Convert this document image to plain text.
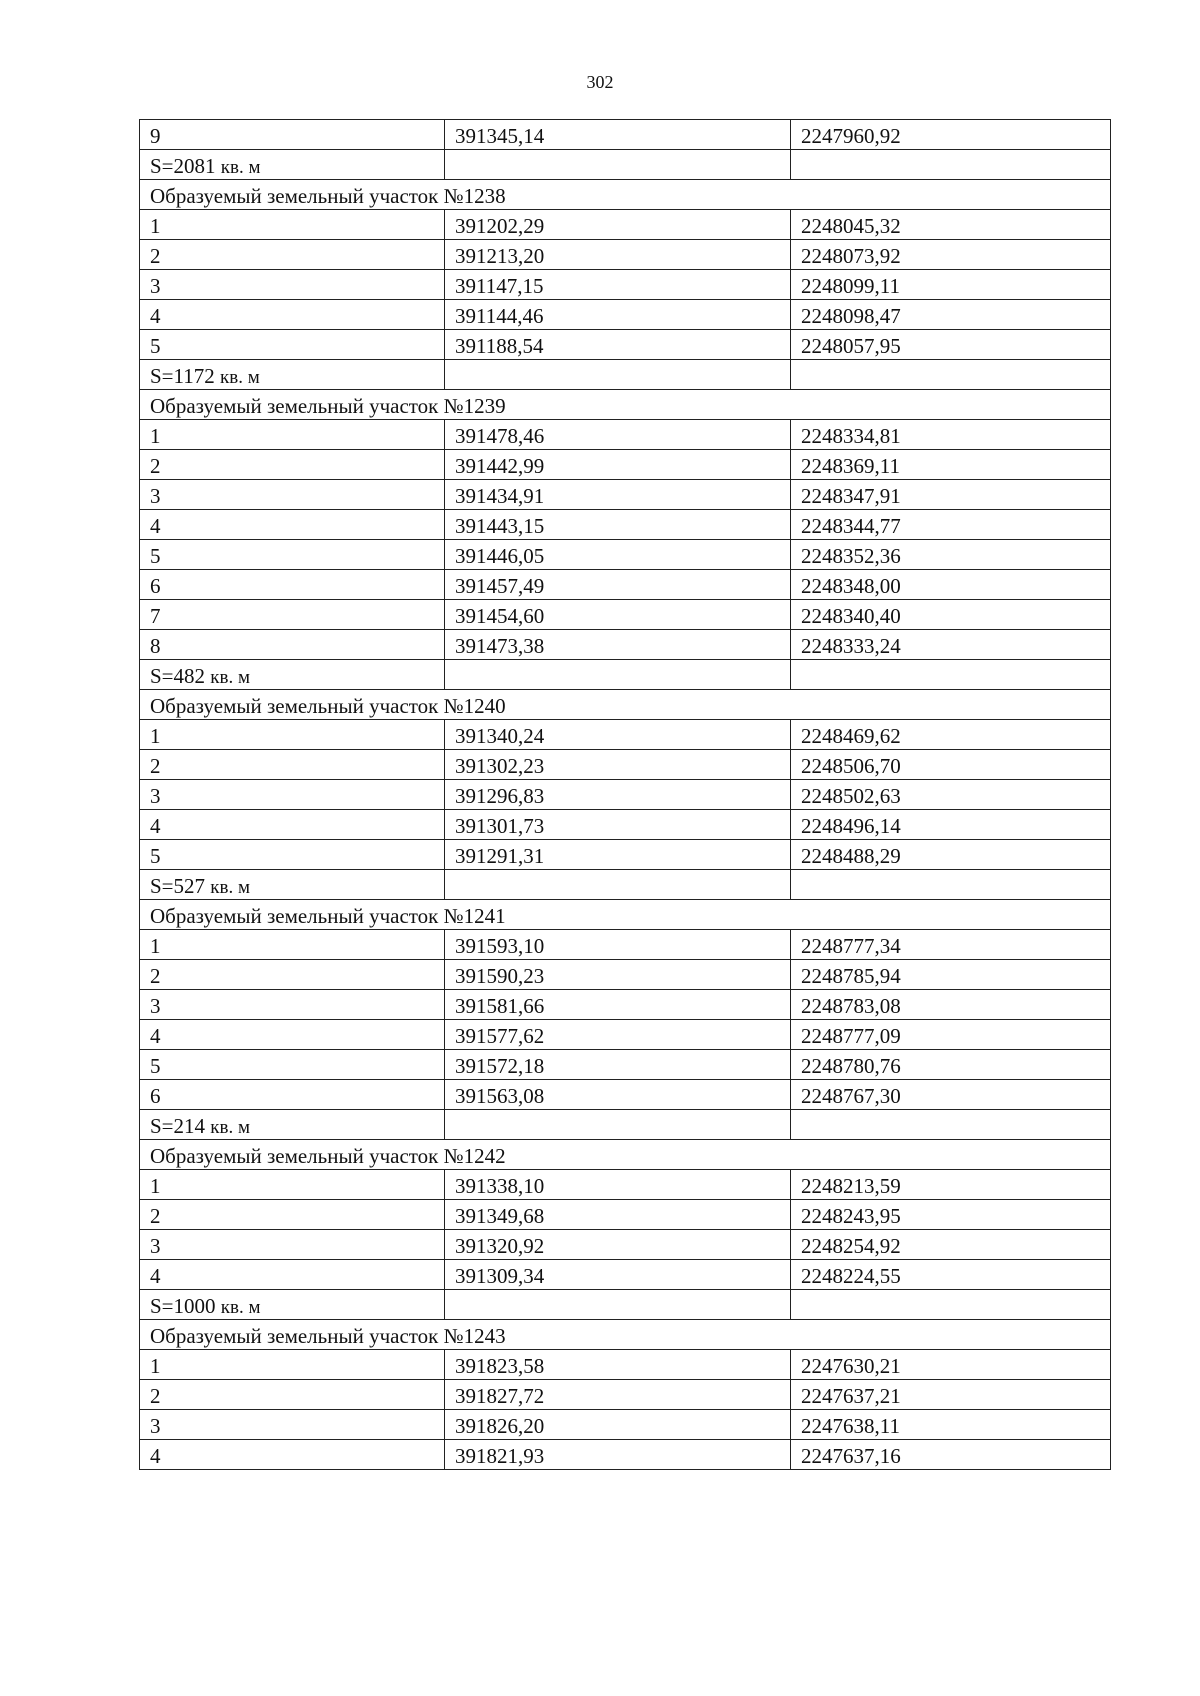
302
9	391345,14	2247960,92
S=2081 кв. м		
Образуемый земельный участок №1238		
1	391202,29	2248045,32
2	391213,20	2248073,92
3	391147,15	2248099,11
4	391144,46	2248098,47
5	391188,54	2248057,95
S=1172 кв. м		
Образуемый земельный участок №1239		
1	391478,46	2248334,81
2	391442,99	2248369,11
3	391434,91	2248347,91
4	391443,15	2248344,77
5	391446,05	2248352,36
6	391457,49	2248348,00
7	391454,60	2248340,40
8	391473,38	2248333,24
S=482 кв. м		
Образуемый земельный участок №1240		
1	391340,24	2248469,62
2	391302,23	2248506,70
3	391296,83	2248502,63
4	391301,73	2248496,14
5	391291,31	2248488,29
S=527 кв. м		
Образуемый земельный участок №1241		
1	391593,10	2248777,34
2	391590,23	2248785,94
3	391581,66	2248783,08
4	391577,62	2248777,09
5	391572,18	2248780,76
6	391563,08	2248767,30
S=214 кв. м		
Образуемый земельный участок №1242		
1	391338,10	2248213,59
2	391349,68	2248243,95
3	391320,92	2248254,92
4	391309,34	2248224,55
S=1000 кв. м		
Образуемый земельный участок №1243		
1	391823,58	2247630,21
2	391827,72	2247637,21
3	391826,20	2247638,11
4	391821,93	2247637,16
